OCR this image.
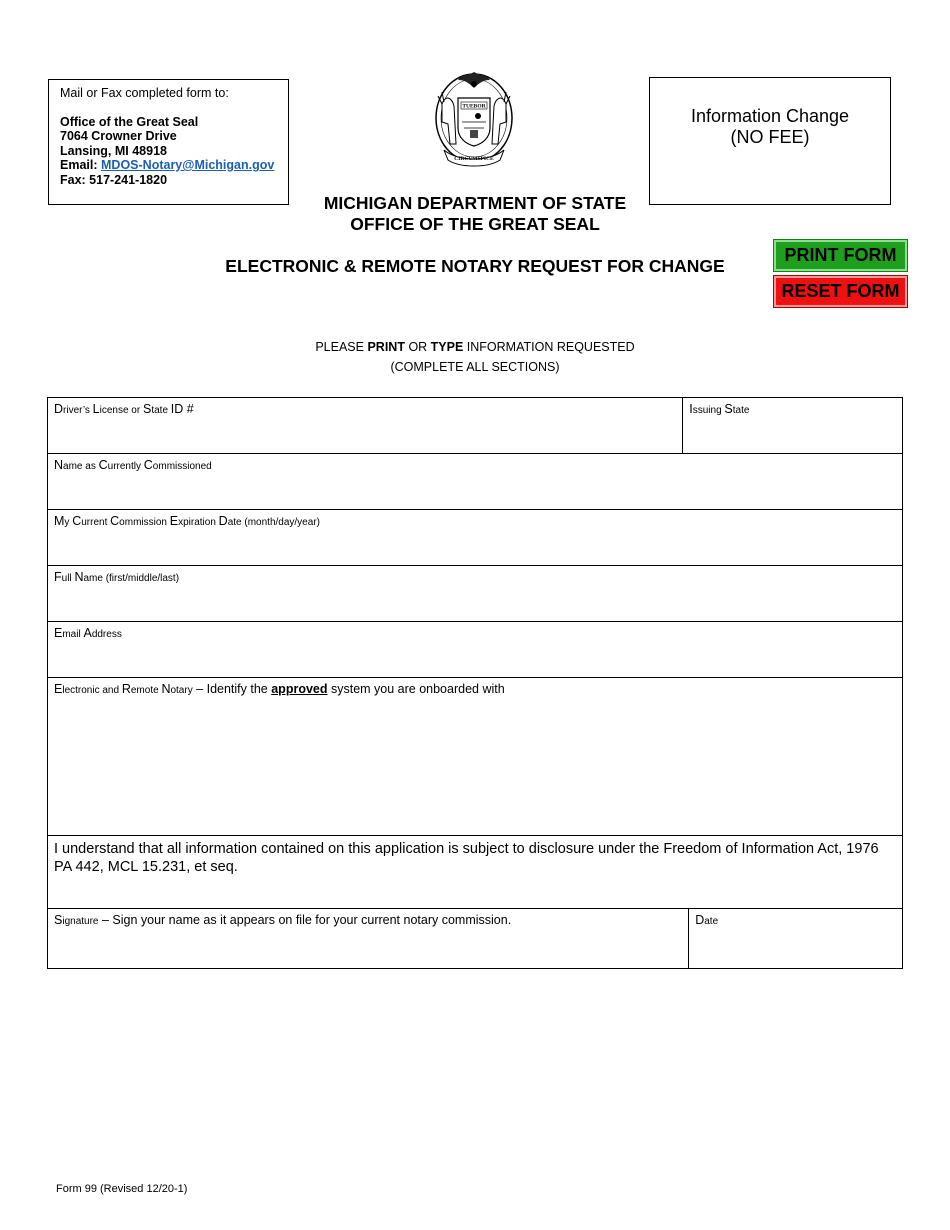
Mail or Fax completed form to:
Office of the Great Seal
7064 Crowner Drive
Lansing, MI 48918
Email: MDOS-Notary@Michigan.gov
Fax: 517-241-1820
TUEBOR
CIRCUMSPICE
Information Change
(NO FEE)
MICHIGAN DEPARTMENT OF STATE
OFFICE OF THE GREAT SEAL
ELECTRONIC & REMOTE NOTARY REQUEST FOR CHANGE
PRINT FORM
RESET FORM
PLEASE PRINT OR TYPE INFORMATION REQUESTED
(COMPLETE ALL SECTIONS)
Driver’s License or State ID #	Issuing State	
Name as Currently Commissioned		
My Current Commission Expiration Date (month/day/year)		
Full Name (first/middle/last)		
Email Address		
Electronic and Remote Notary – Identify the approved system you are onboarded with		
I understand that all information contained on this application is subject to disclosure under the Freedom of Information Act, 1976 PA 442, MCL 15.231, et seq.		
Signature – Sign your name as it appears on file for your current notary commission.		Date
Form 99 (Revised 12/20-1)
